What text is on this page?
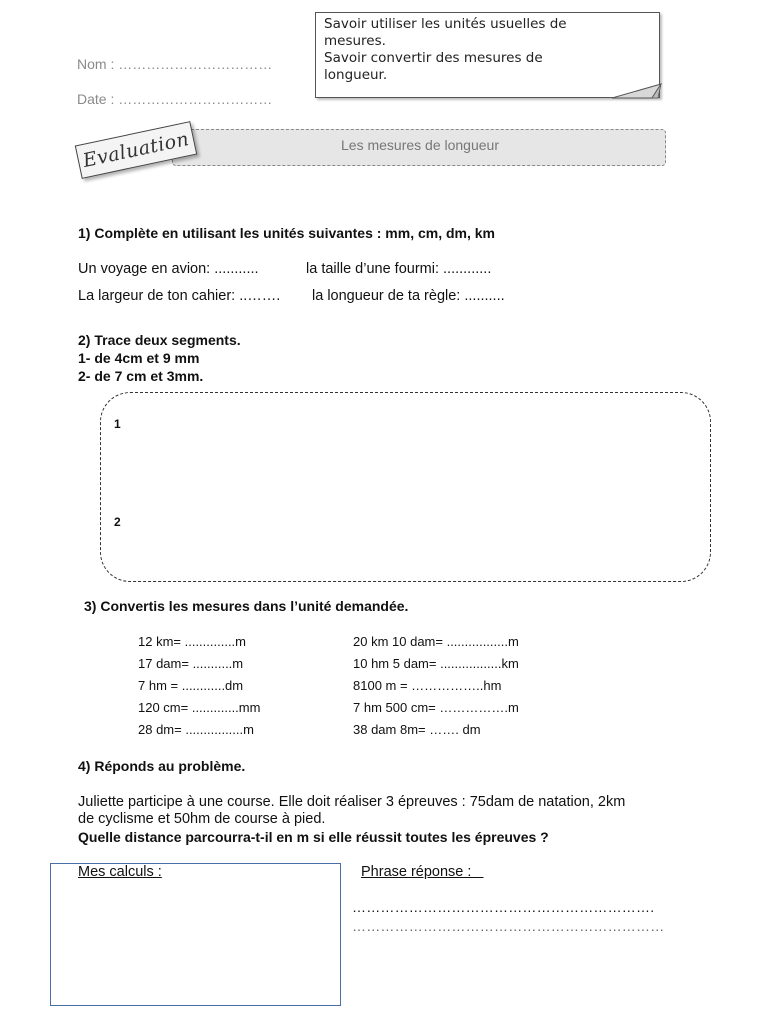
Nom : ……………………………
Date : ……………………………
Savoir utiliser les unités usuelles de
mesures.
Savoir convertir des mesures de
longueur.
Les mesures de longueur
Evaluation
1) Complète en utilisant les unités suivantes : mm, cm, dm, km
Un voyage en avion: ...........	la taille d’une fourmi: ............
La largeur de ton cahier: ..……. la longueur de ta règle: ..........
2) Trace deux segments.
1- de 4cm et 9 mm
2- de 7 cm et 3mm.
1
2
3) Convertis les mesures dans l’unité demandée.
12 km= ..............m
17 dam= ...........m
7 hm = ............dm
120 cm= .............mm
28 dm= ................m
20 km 10 dam= .................m
10 hm 5 dam= .................km
8100 m = ……………..hm
7 hm 500 cm= …………….m
38 dam 8m= ……. dm
4) Réponds au problème.
Juliette participe à une course. Elle doit réaliser 3 épreuves : 75dam de natation, 2km
de cyclisme et 50hm de course à pied.
Quelle distance parcourra-t-il en m si elle réussit toutes les épreuves ?
Mes calculs :	Phrase réponse :
……………………………………………………….
…………………………………………………………
